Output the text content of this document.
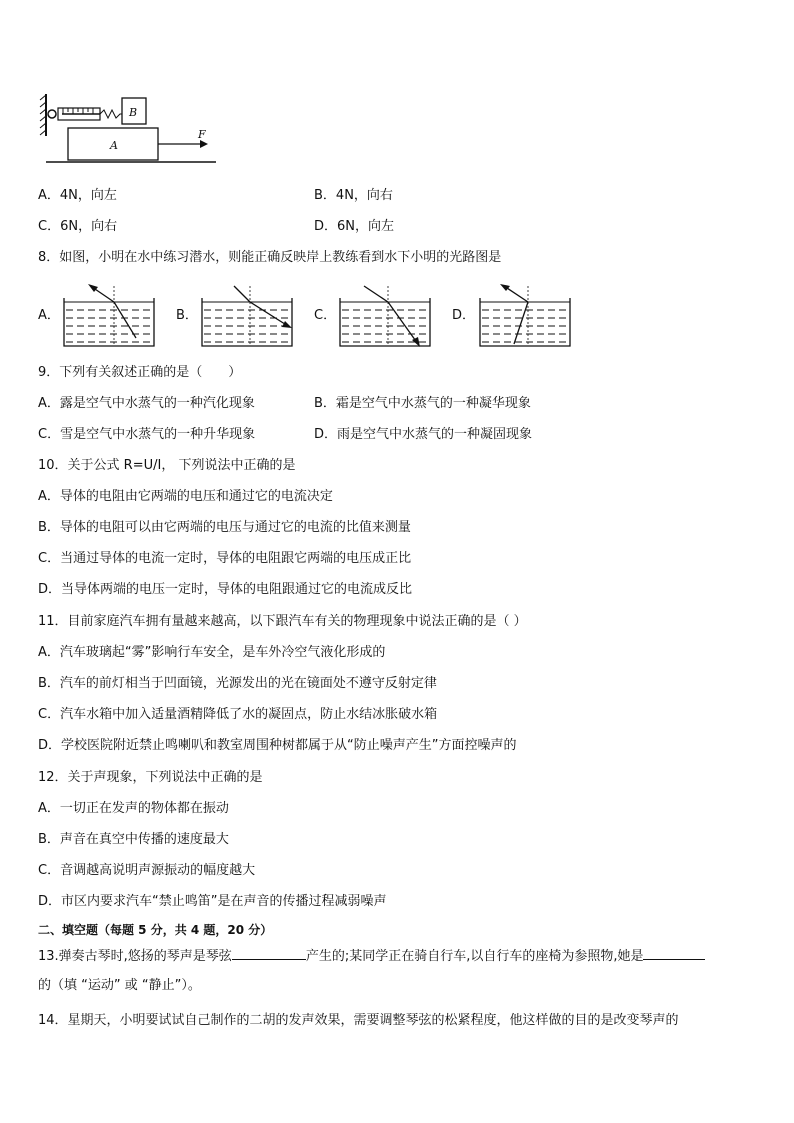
B
A
F
A．4N，向左	B．4N，向右
C．6N，向右	D．6N，向左
8．如图，小明在水中练习潜水，则能正确反映岸上教练看到水下小明的光路图是
A．	B．	C．	D．
9．下列有关叙述正确的是（　　）
A．露是空气中水蒸气的一种汽化现象	B．霜是空气中水蒸气的一种凝华现象
C．雪是空气中水蒸气的一种升华现象	D．雨是空气中水蒸气的一种凝固现象
10．关于公式 R=U/I， 下列说法中正确的是
A．导体的电阻由它两端的电压和通过它的电流决定
B．导体的电阻可以由它两端的电压与通过它的电流的比值来测量
C．当通过导体的电流一定时，导体的电阻跟它两端的电压成正比
D．当导体两端的电压一定时，导体的电阻跟通过它的电流成反比
11．目前家庭汽车拥有量越来越高，以下跟汽车有关的物理现象中说法正确的是（ ）
A．汽车玻璃起“雾”影响行车安全，是车外冷空气液化形成的
B．汽车的前灯相当于凹面镜，光源发出的光在镜面处不遵守反射定律
C．汽车水箱中加入适量酒精降低了水的凝固点，防止水结冰胀破水箱
D．学校医院附近禁止鸣喇叭和教室周围种树都属于从“防止噪声产生”方面控噪声的
12．关于声现象，下列说法中正确的是
A．一切正在发声的物体都在振动
B．声音在真空中传播的速度最大
C．音调越高说明声源振动的幅度越大
D．市区内要求汽车“禁止鸣笛”是在声音的传播过程减弱噪声
二、填空题（每题 5 分，共 4 题，20 分）
13.弹奏古琴时,悠扬的琴声是琴弦	产生的;某同学正在骑自行车,以自行车的座椅为参照物,她是
的（填 “运动” 或 “静止”）。
14．星期天，小明要试试自己制作的二胡的发声效果，需要调整琴弦的松紧程度，他这样做的目的是改变琴声的
